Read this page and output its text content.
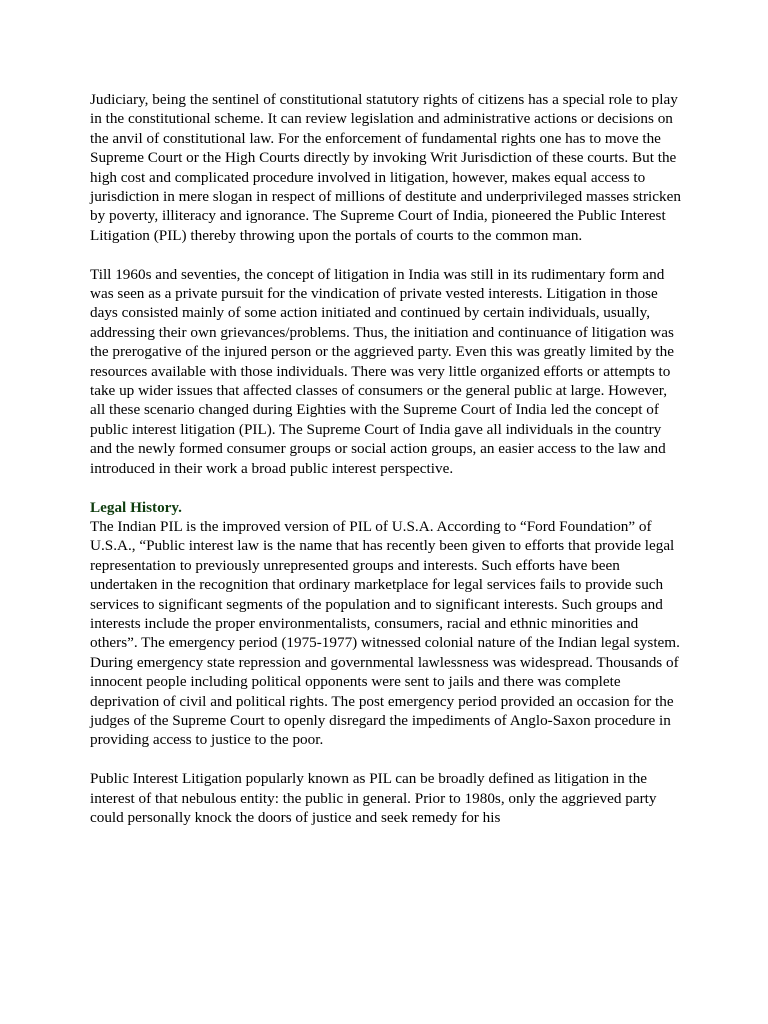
Judiciary, being the sentinel of constitutional statutory rights of citizens has a special role to play in the constitutional scheme. It can review legislation and administrative actions or decisions on the anvil of constitutional law. For the enforcement of fundamental rights one has to move the Supreme Court or the High Courts directly by invoking Writ Jurisdiction of these courts. But the high cost and complicated procedure involved in litigation, however, makes equal access to jurisdiction in mere slogan in respect of millions of destitute and underprivileged masses stricken by poverty, illiteracy and ignorance. The Supreme Court of India, pioneered the Public Interest Litigation (PIL) thereby throwing upon the portals of courts to the common man.

Till 1960s and seventies, the concept of litigation in India was still in its rudimentary form and was seen as a private pursuit for the vindication of private vested interests. Litigation in those days consisted mainly of some action initiated and continued by certain individuals, usually, addressing their own grievances/problems. Thus, the initiation and continuance of litigation was the prerogative of the injured person or the aggrieved party. Even this was greatly limited by the resources available with those individuals. There was very little organized efforts or attempts to take up wider issues that affected classes of consumers or the general public at large. However, all these scenario changed during Eighties with the Supreme Court of India led the concept of public interest litigation (PIL). The Supreme Court of India gave all individuals in the country and the newly formed consumer groups or social action groups, an easier access to the law and introduced in their work a broad public interest perspective.

Legal History.

The Indian PIL is the improved version of PIL of U.S.A. According to “Ford Foundation” of U.S.A., “Public interest law is the name that has recently been given to efforts that provide legal representation to previously unrepresented groups and interests. Such efforts have been undertaken in the recognition that ordinary marketplace for legal services fails to provide such services to significant segments of the population and to significant interests. Such groups and interests include the proper environmentalists, consumers, racial and ethnic minorities and others”. The emergency period (1975-1977) witnessed colonial nature of the Indian legal system. During emergency state repression and governmental lawlessness was widespread. Thousands of innocent people including political opponents were sent to jails and there was complete deprivation of civil and political rights. The post emergency period provided an occasion for the judges of the Supreme Court to openly disregard the impediments of Anglo-Saxon procedure in providing access to justice to the poor.

Public Interest Litigation popularly known as PIL can be broadly defined as litigation in the interest of that nebulous entity: the public in general. Prior to 1980s, only the aggrieved party could personally knock the doors of justice and seek remedy for his
